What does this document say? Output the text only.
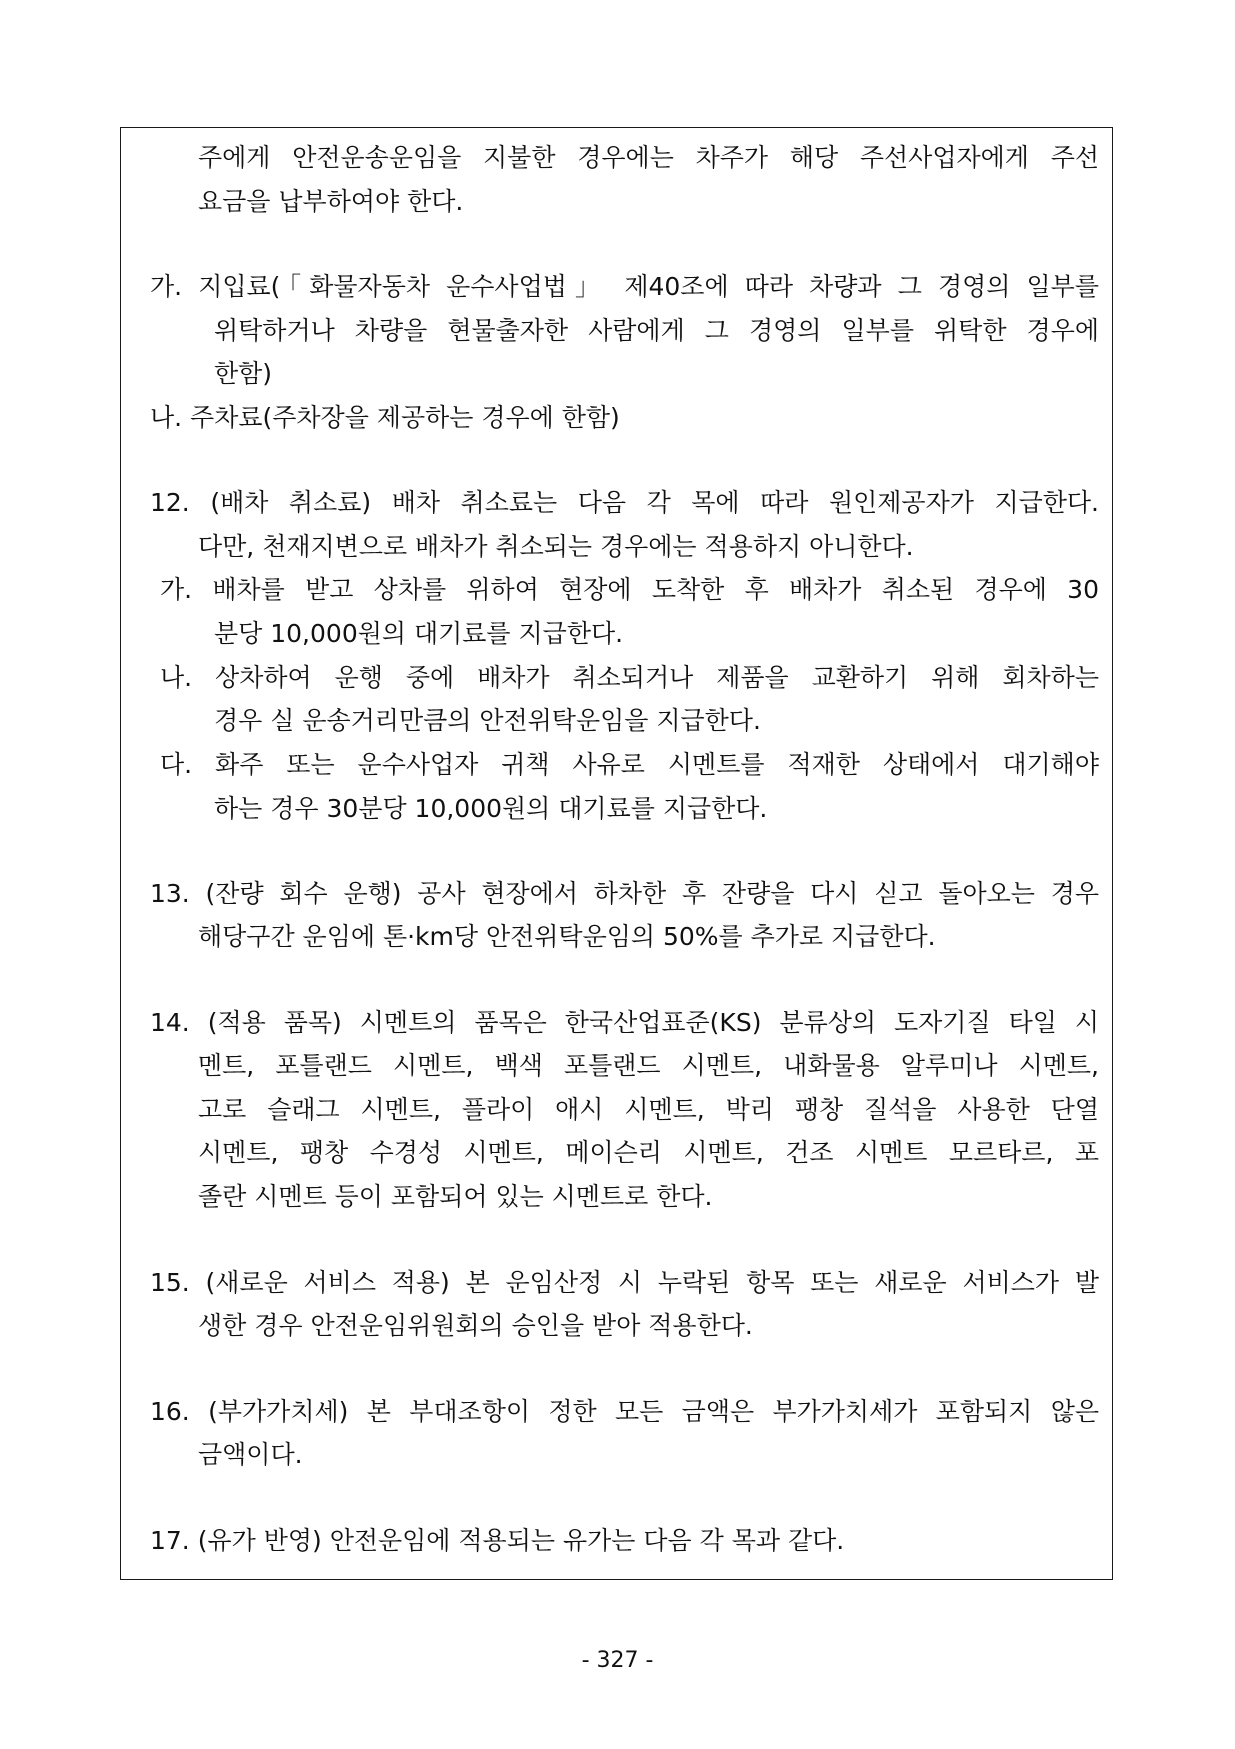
주에게 안전운송운임을 지불한 경우에는 차주가 해당 주선사업자에게 주선
요금을 납부하여야 한다.
가. 지입료(「화물자동차 운수사업법」 제40조에 따라 차량과 그 경영의 일부를
위탁하거나 차량을 현물출자한 사람에게 그 경영의 일부를 위탁한 경우에
한함)
나. 주차료(주차장을 제공하는 경우에 한함)
12. (배차 취소료) 배차 취소료는 다음 각 목에 따라 원인제공자가 지급한다.
다만, 천재지변으로 배차가 취소되는 경우에는 적용하지 아니한다.
가. 배차를 받고 상차를 위하여 현장에 도착한 후 배차가 취소된 경우에 30
분당 10,000원의 대기료를 지급한다.
나. 상차하여 운행 중에 배차가 취소되거나 제품을 교환하기 위해 회차하는
경우 실 운송거리만큼의 안전위탁운임을 지급한다.
다. 화주 또는 운수사업자 귀책 사유로 시멘트를 적재한 상태에서 대기해야
하는 경우 30분당 10,000원의 대기료를 지급한다.
13. (잔량 회수 운행) 공사 현장에서 하차한 후 잔량을 다시 싣고 돌아오는 경우
해당구간 운임에 톤·km당 안전위탁운임의 50%를 추가로 지급한다.
14. (적용 품목) 시멘트의 품목은 한국산업표준(KS) 분류상의 도자기질 타일 시
멘트, 포틀랜드 시멘트, 백색 포틀랜드 시멘트, 내화물용 알루미나 시멘트,
고로 슬래그 시멘트, 플라이 애시 시멘트, 박리 팽창 질석을 사용한 단열
시멘트, 팽창 수경성 시멘트, 메이슨리 시멘트, 건조 시멘트 모르타르, 포
졸란 시멘트 등이 포함되어 있는 시멘트로 한다.
15. (새로운 서비스 적용) 본 운임산정 시 누락된 항목 또는 새로운 서비스가 발
생한 경우 안전운임위원회의 승인을 받아 적용한다.
16. (부가가치세) 본 부대조항이 정한 모든 금액은 부가가치세가 포함되지 않은
금액이다.
17. (유가 반영) 안전운임에 적용되는 유가는 다음 각 목과 같다.
- 327 -
